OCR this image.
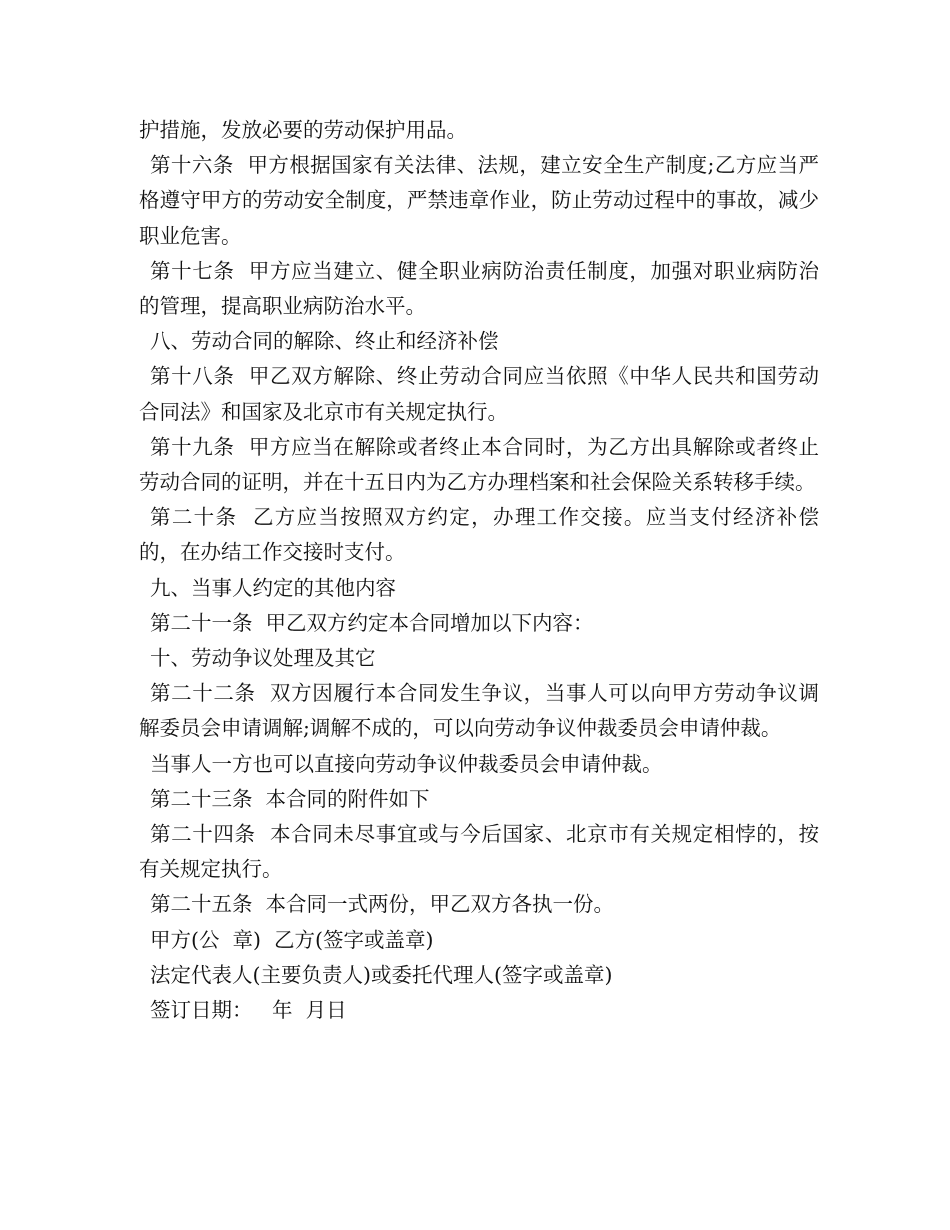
护措施，发放必要的劳动保护用品。

第十六条  甲方根据国家有关法律、法规，建立安全生产制度;乙方应当严格遵守甲方的劳动安全制度，严禁违章作业，防止劳动过程中的事故，减少职业危害。

第十七条  甲方应当建立、健全职业病防治责任制度，加强对职业病防治的管理，提高职业病防治水平。

八、劳动合同的解除、终止和经济补偿

第十八条  甲乙双方解除、终止劳动合同应当依照《中华人民共和国劳动合同法》和国家及北京市有关规定执行。

第十九条  甲方应当在解除或者终止本合同时，为乙方出具解除或者终止劳动合同的证明，并在十五日内为乙方办理档案和社会保险关系转移手续。

第二十条  乙方应当按照双方约定，办理工作交接。应当支付经济补偿的，在办结工作交接时支付。

九、当事人约定的其他内容

第二十一条  甲乙双方约定本合同增加以下内容：

十、劳动争议处理及其它

第二十二条  双方因履行本合同发生争议，当事人可以向甲方劳动争议调解委员会申请调解;调解不成的，可以向劳动争议仲裁委员会申请仲裁。

当事人一方也可以直接向劳动争议仲裁委员会申请仲裁。

第二十三条  本合同的附件如下

第二十四条  本合同未尽事宜或与今后国家、北京市有关规定相悖的，按有关规定执行。

第二十五条  本合同一式两份，甲乙双方各执一份。

甲方(公  章)  乙方(签字或盖章)

法定代表人(主要负责人)或委托代理人(签字或盖章)

签订日期：   年  月日
